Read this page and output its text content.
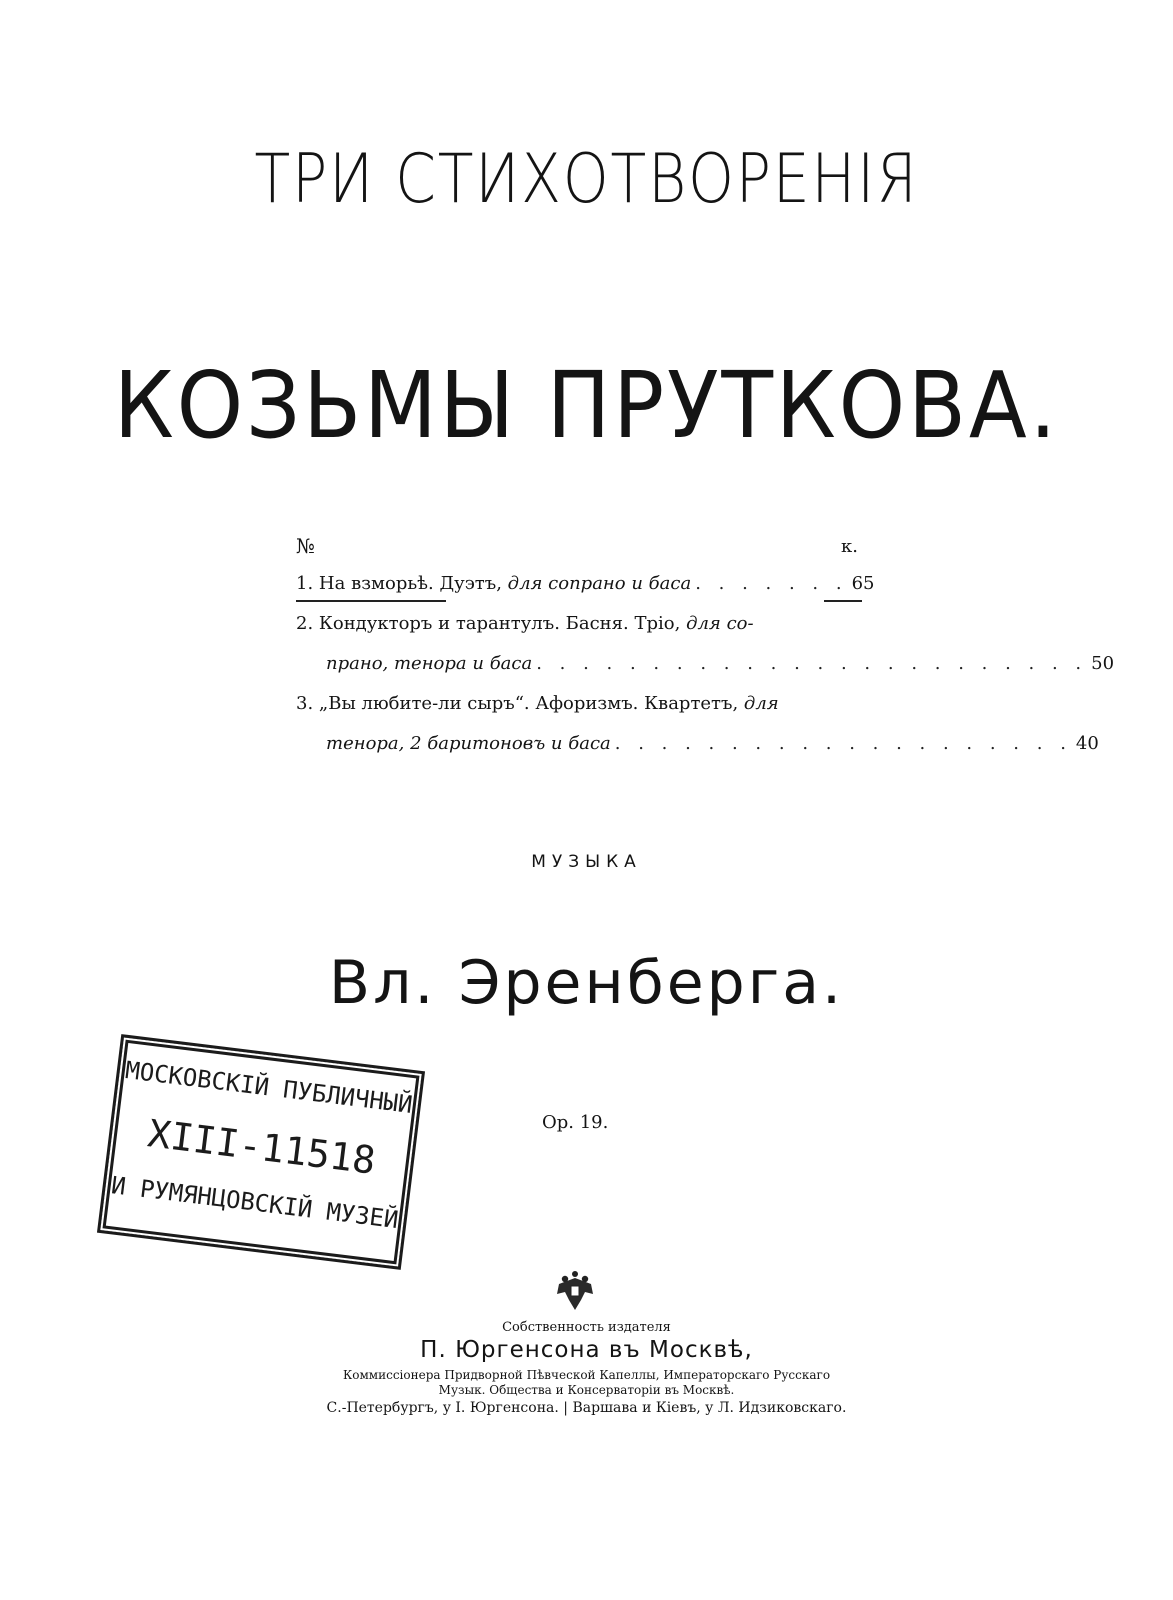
ТРИ СТИХОТВОРЕНІЯ
КОЗЬМЫ ПРУТКОВА.
№	к.
1.
На взморьѣ. Дуэтъ,
для сопрано и баса . . . . . . . 65
2.
Кондукторъ и тарантулъ. Басня. Тріо,
для со-
прано, тенора и баса . . . . . . . . . . . . . . . . . . . . . . . . 50
3.
„Вы любите-ли сыръ“. Афоризмъ. Квартетъ,
для
тенора, 2 баритоновъ и баса . . . . . . . . . . . . . . . . . . . . 40
МУЗЫКА
Вл. Эренберга.
МОСКОВСКІЙ ПУБЛИЧНЫЙ
XIII-11518
И РУМЯНЦОВСКІЙ МУЗЕЙ
Op. 19.
Собственность издателя
П. Юргенсона въ Москвѣ,
Коммиссіонера Придворной Пѣвческой Капеллы, Императорскаго Русскаго
Музык. Общества и Консерваторіи въ Москвѣ.
С.-Петербургъ, у І. Юргенсона. | Варшава и Кіевъ, у Л. Идзиковскаго.
